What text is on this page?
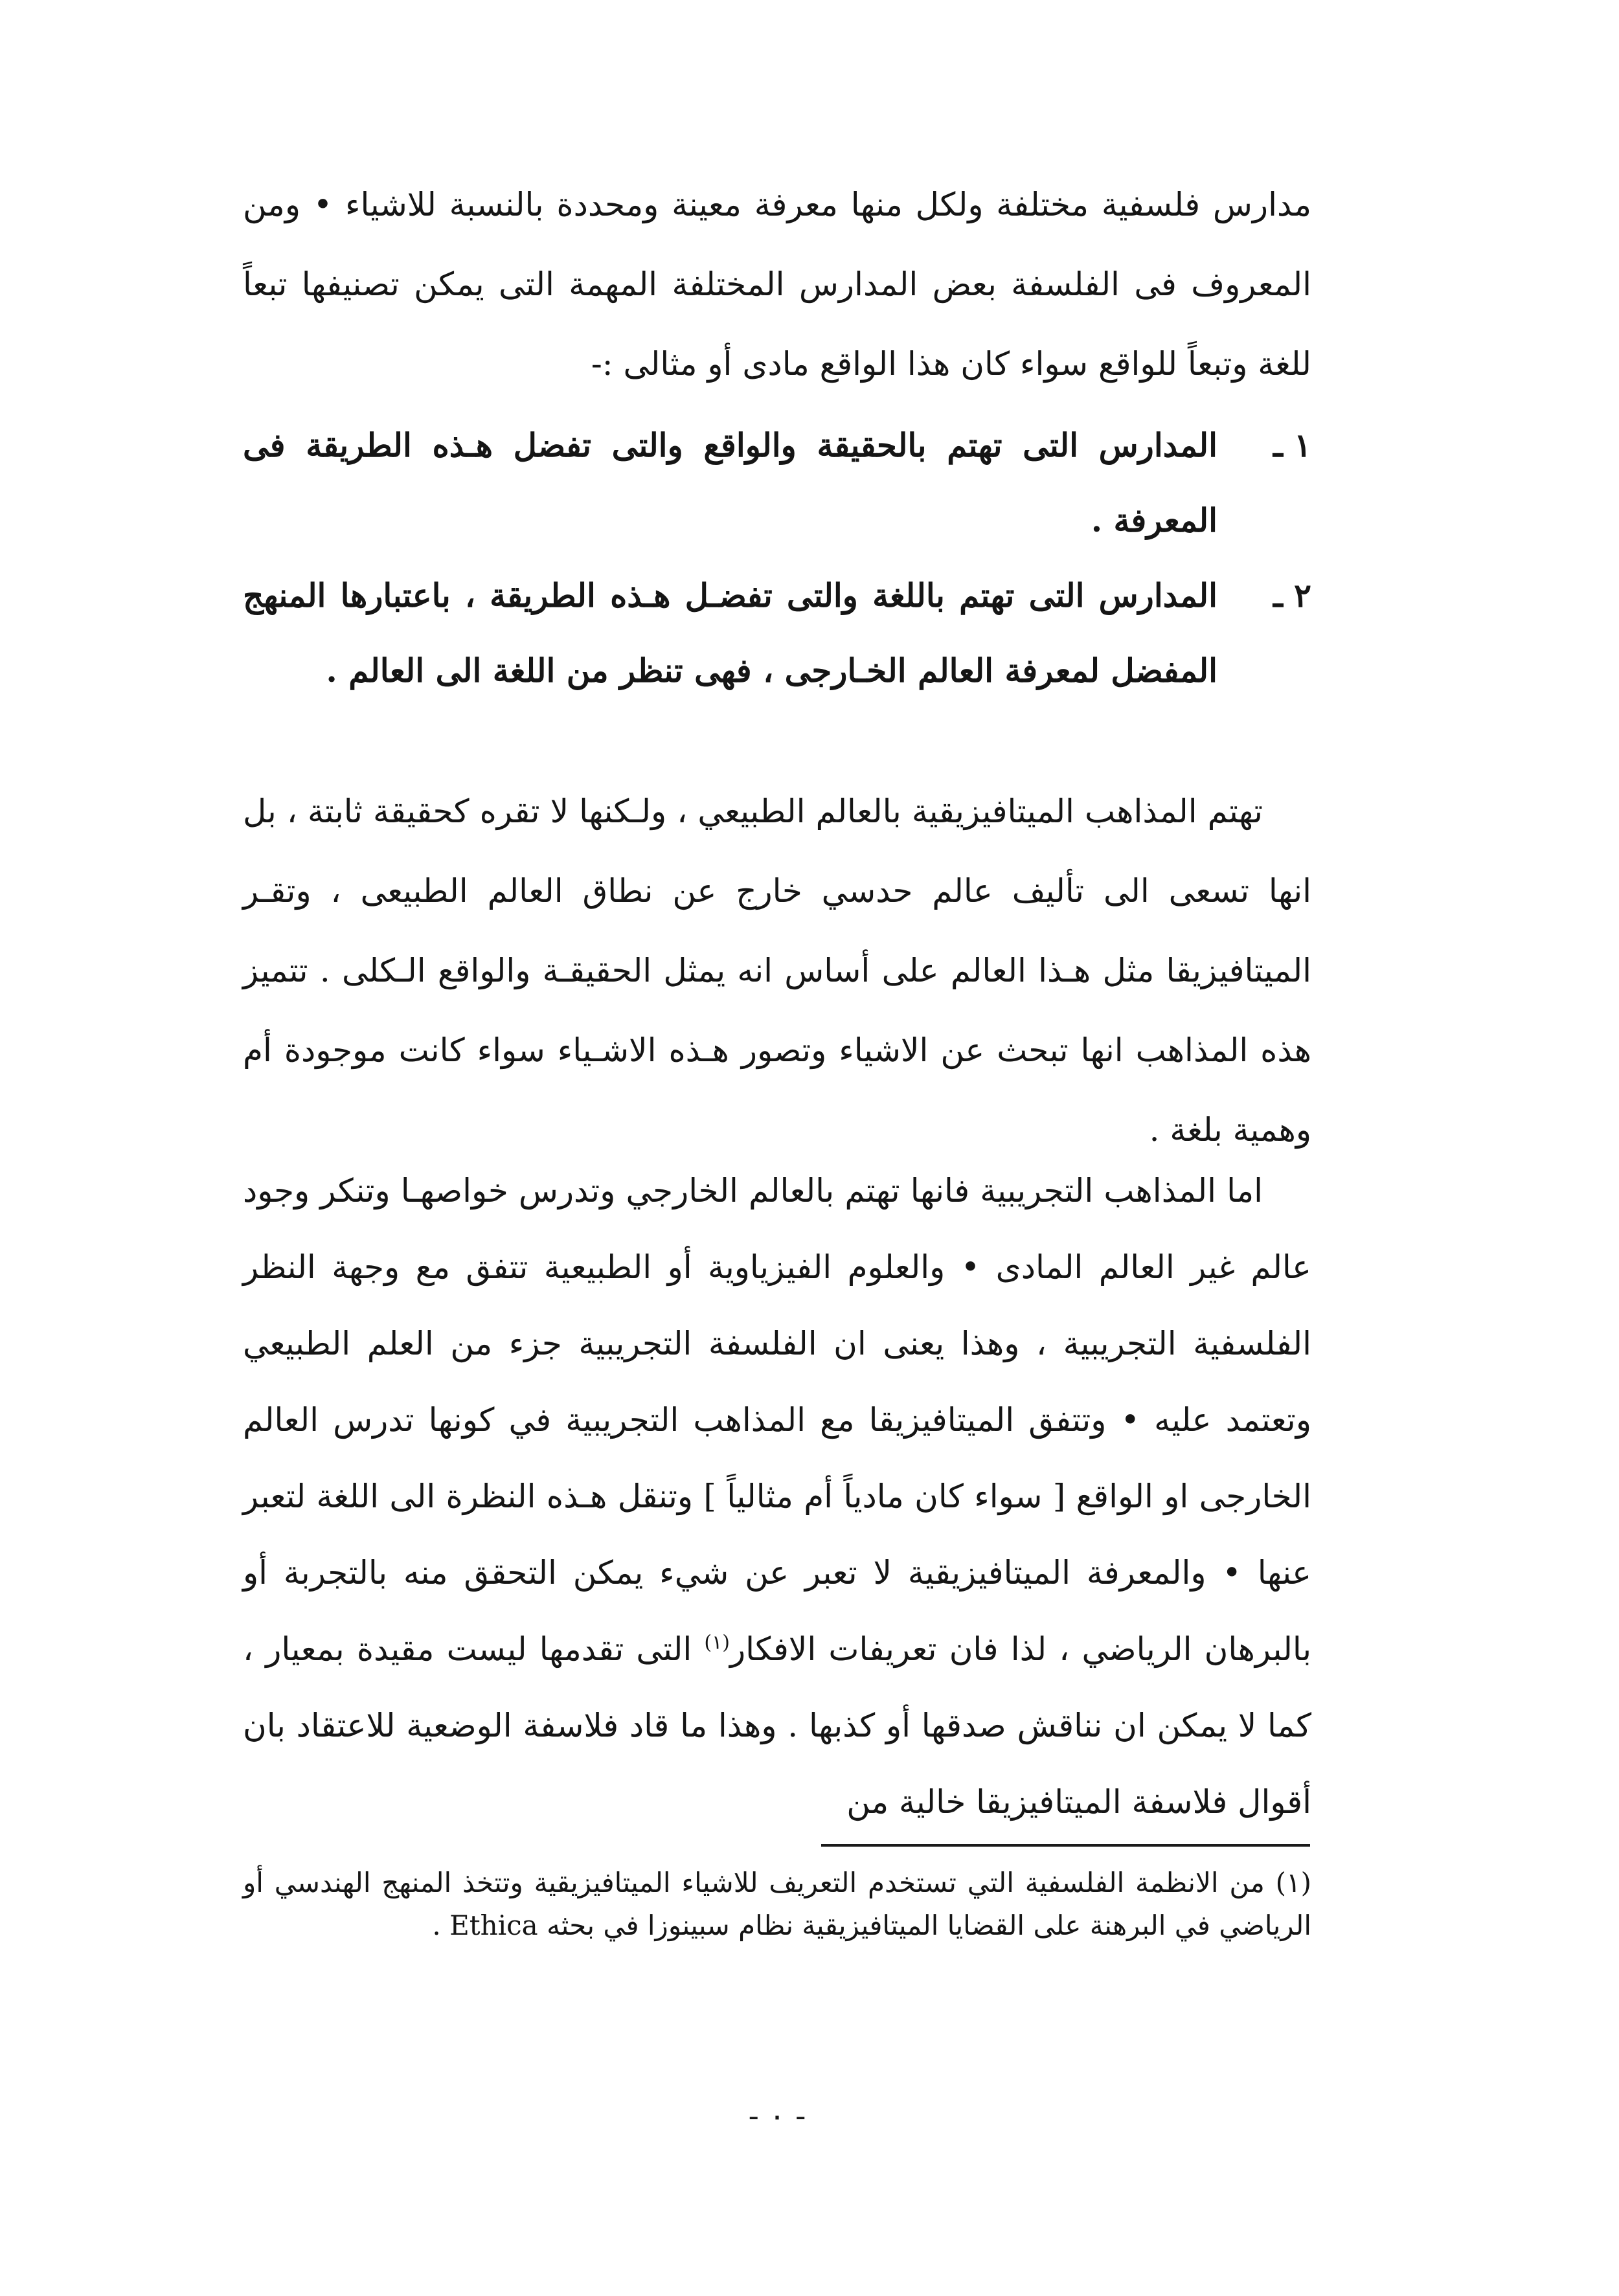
مدارس فلسفية مختلفة ولكل منها معرفة معينة ومحددة بالنسبة للاشياء • ومن المعروف فى الفلسفة بعض المدارس المختلفة المهمة التى يمكن تصنيفها تبعاً للغة وتبعاً للواقع سواء كان هذا الواقع مادى أو مثالى :-

١ ـ
المدارس التى تهتم بالحقيقة والواقع والتى تفضل هـذه الطريقة فى المعرفة .
٢ ـ
المدارس التى تهتم باللغة والتى تفضـل هـذه الطريقة ، باعتبارها المنهج المفضل لمعرفة العالم الخـارجى ، فهى تنظر من اللغة الى العالم .

تهتم المذاهب الميتافيزيقية بالعالم الطبيعي ، ولـكنها لا تقره كحقيقة ثابتة ، بل انها تسعى الى تأليف عالم حدسي خارج عن نطاق العالم الطبيعى ، وتقـر الميتافيزيقا مثل هـذا العالم على أساس انه يمثل الحقيقـة والواقع الـكلى . تتميز هذه المذاهب انها تبحث عن الاشياء وتصور هـذه الاشـياء سواء كانت موجودة أم وهمية بلغة .

اما المذاهب التجريبية فانها تهتم بالعالم الخارجي وتدرس خواصهـا وتنكر وجود عالم غير العالم المادى • والعلوم الفيزياوية أو الطبيعية تتفق مع وجهة النظر الفلسفية التجريبية ، وهذا يعنى ان الفلسفة التجريبية جزء من العلم الطبيعي وتعتمد عليه • وتتفق الميتافيزيقا مع المذاهب التجريبية في كونها تدرس العالم الخارجى او الواقع [ سواء كان مادياً أم مثالياً ] وتنقل هـذه النظرة الى اللغة لتعبر عنها • والمعرفة الميتافيزيقية لا تعبر عن شيء يمكن التحقق منه بالتجربة أو بالبرهان الرياضي ، لذا فان تعريفات الافكار$^{(١)}$ التى تقدمها ليست مقيدة بمعيار ، كما لا يمكن ان نناقش صدقها أو كذبها . وهذا ما قاد فلاسفة الوضعية للاعتقاد بان أقوال فلاسفة الميتافيزيقا خالية من

(١) من الانظمة الفلسفية التي تستخدم التعريف للاشياء الميتافيزيقية وتتخذ المنهج الهندسي أو الرياضي في البرهنة على القضايا الميتافيزيقية نظام سبينوزا في بحثه Ethica .
- ٠ -
